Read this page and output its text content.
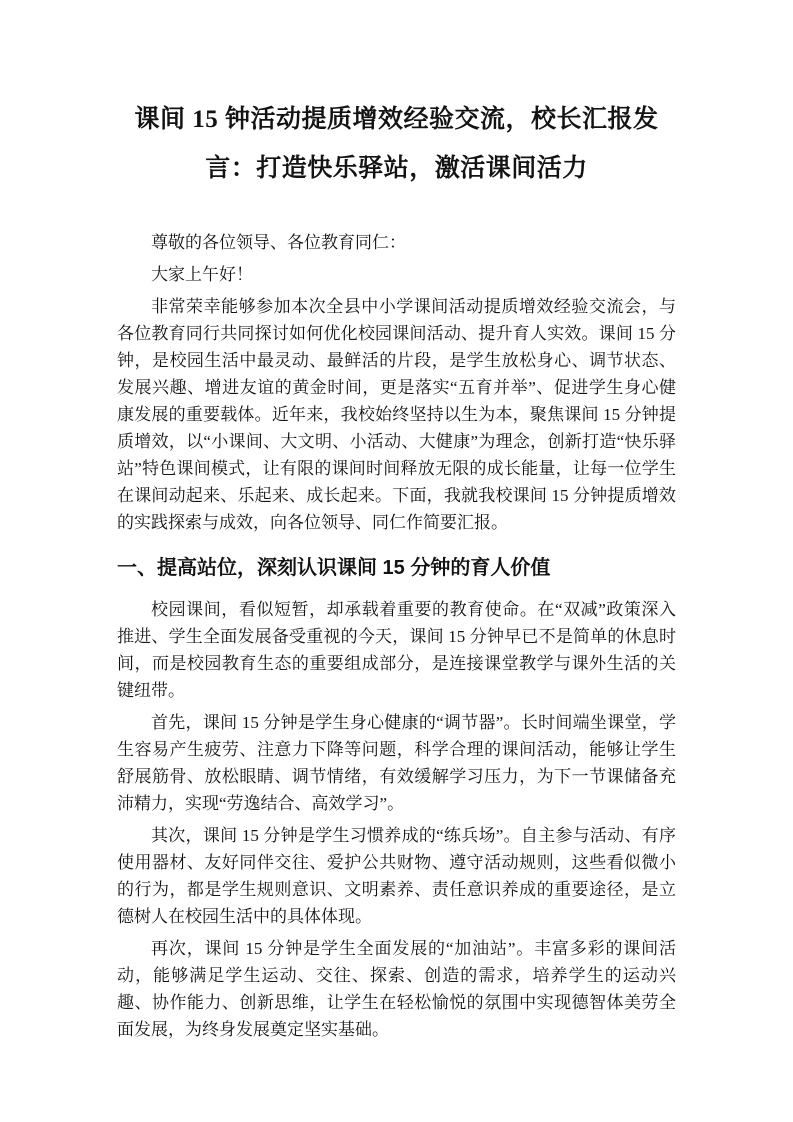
课间 15 钟活动提质增效经验交流，校长汇报发言：打造快乐驿站，激活课间活力

尊敬的各位领导、各位教育同仁：

大家上午好！

非常荣幸能够参加本次全县中小学课间活动提质增效经验交流会，与各位教育同行共同探讨如何优化校园课间活动、提升育人实效。课间 15 分钟，是校园生活中最灵动、最鲜活的片段，是学生放松身心、调节状态、发展兴趣、增进友谊的黄金时间，更是落实“五育并举”、促进学生身心健康发展的重要载体。近年来，我校始终坚持以生为本，聚焦课间 15 分钟提质增效，以“小课间、大文明、小活动、大健康”为理念，创新打造“快乐驿站”特色课间模式，让有限的课间时间释放无限的成长能量，让每一位学生在课间动起来、乐起来、成长起来。下面，我就我校课间 15 分钟提质增效的实践探索与成效，向各位领导、同仁作简要汇报。

一、提高站位，深刻认识课间 15 分钟的育人价值

校园课间，看似短暂，却承载着重要的教育使命。在“双减”政策深入推进、学生全面发展备受重视的今天，课间 15 分钟早已不是简单的休息时间，而是校园教育生态的重要组成部分，是连接课堂教学与课外生活的关键纽带。

首先，课间 15 分钟是学生身心健康的“调节器”。长时间端坐课堂，学生容易产生疲劳、注意力下降等问题，科学合理的课间活动，能够让学生舒展筋骨、放松眼睛、调节情绪，有效缓解学习压力，为下一节课储备充沛精力，实现“劳逸结合、高效学习”。

其次，课间 15 分钟是学生习惯养成的“练兵场”。自主参与活动、有序使用器材、友好同伴交往、爱护公共财物、遵守活动规则，这些看似微小的行为，都是学生规则意识、文明素养、责任意识养成的重要途径，是立德树人在校园生活中的具体体现。

再次，课间 15 分钟是学生全面发展的“加油站”。丰富多彩的课间活动，能够满足学生运动、交往、探索、创造的需求，培养学生的运动兴趣、协作能力、创新思维，让学生在轻松愉悦的氛围中实现德智体美劳全面发展，为终身发展奠定坚实基础。
